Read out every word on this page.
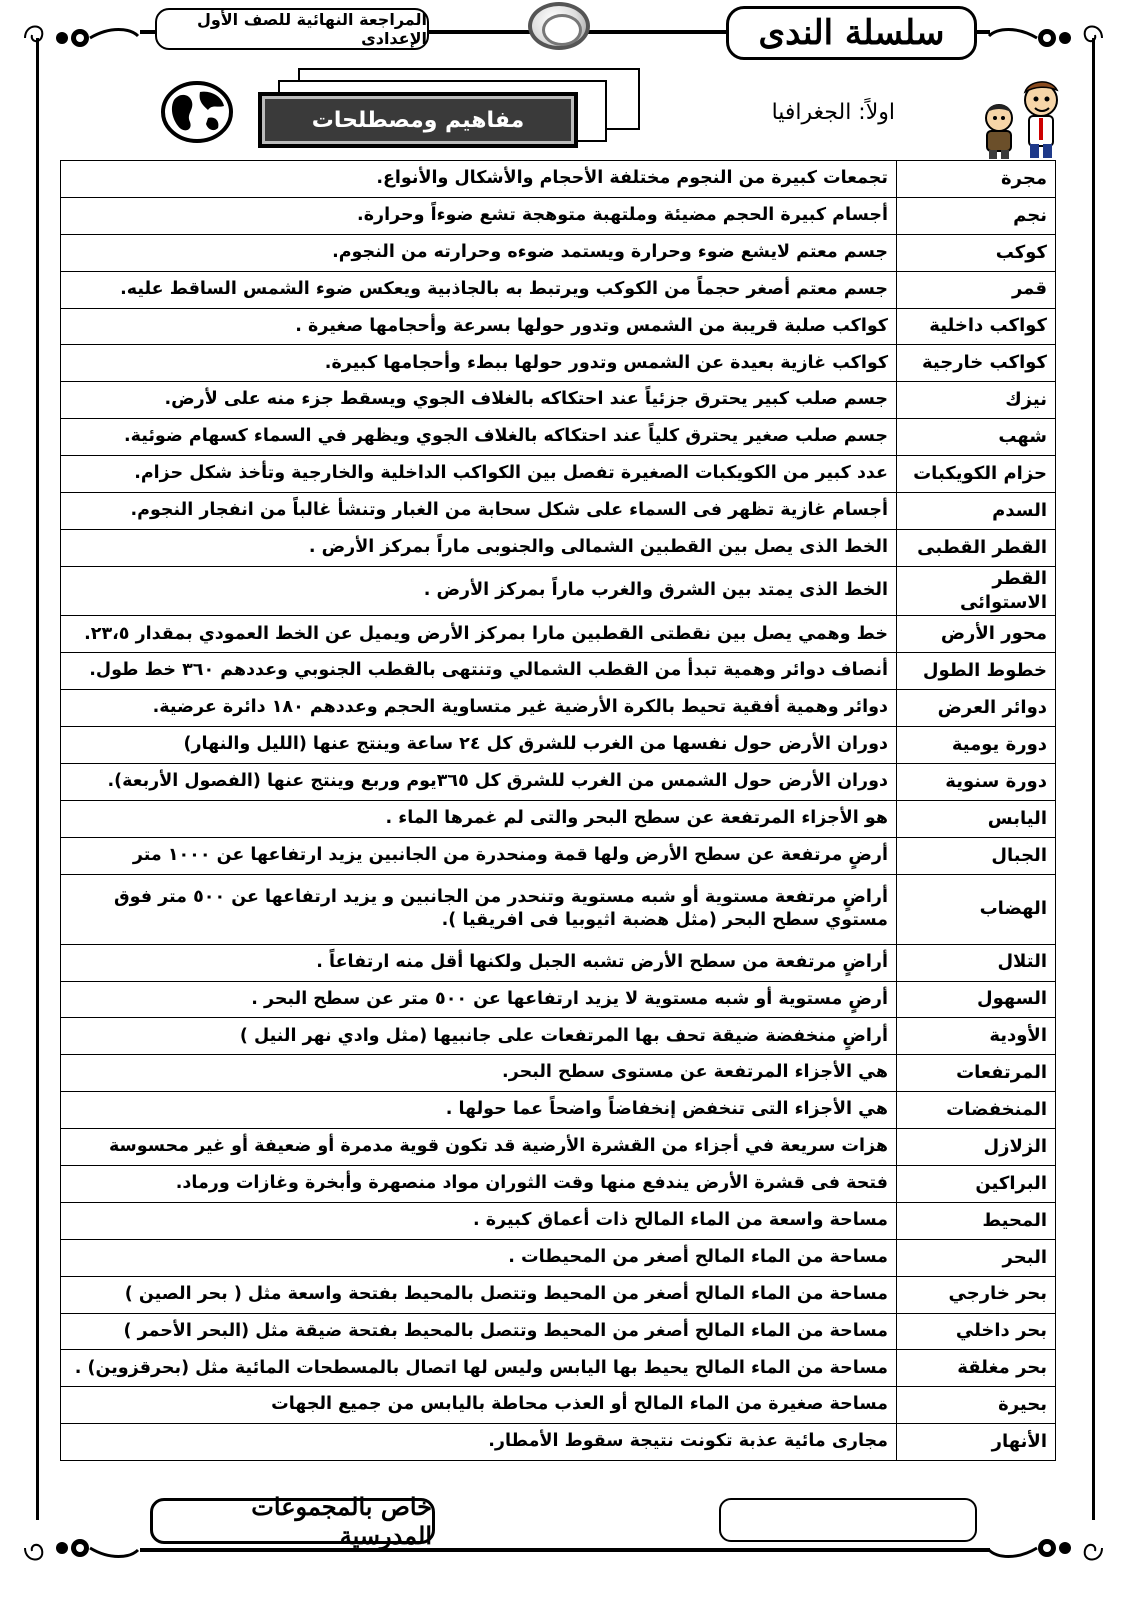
سلسلة الندى
المراجعة النهائية للصف الأول الإعدادى
مفاهيم ومصطلحات	اولاً: الجغرافيا
مجرة	تجمعات كبيرة من النجوم مختلفة الأحجام والأشكال والأنواع.
نجم	أجسام كبيرة الحجم مضيئة وملتهبة متوهجة تشع ضوءاً وحرارة.
كوكب	جسم معتم لايشع ضوء وحرارة ويستمد ضوءه وحرارته من النجوم.
قمر	جسم معتم أصغر حجماً من الكوكب ويرتبط به بالجاذبية ويعكس ضوء الشمس الساقط عليه.
كواكب داخلية	كواكب صلبة قريبة من الشمس وتدور حولها بسرعة وأحجامها صغيرة .
كواكب خارجية	كواكب غازية بعيدة عن الشمس وتدور حولها ببطء وأحجامها كبيرة.
نيزك	جسم صلب كبير يحترق جزئياً عند احتكاكه بالغلاف الجوي ويسقط جزء منه على لأرض.
شهب	جسم صلب صغير يحترق كلياً عند احتكاكه بالغلاف الجوي ويظهر في السماء كسهام ضوئية.
حزام الكويكبات	عدد كبير من الكويكبات الصغيرة تفصل بين الكواكب الداخلية والخارجية وتأخذ شكل حزام.
السدم	أجسام غازية تظهر فى السماء على شكل سحابة من الغبار وتنشأ غالباً من انفجار النجوم.
القطر القطبى	الخط الذى يصل بين القطبين الشمالى والجنوبى ماراً بمركز الأرض .
القطر الاستوائى	الخط الذى يمتد بين الشرق والغرب ماراً بمركز الأرض .
محور الأرض	خط وهمي يصل بين نقطتى القطبين مارا بمركز الأرض ويميل عن الخط العمودي بمقدار ٢٣،٥.
خطوط الطول	أنصاف دوائر وهمية تبدأ من القطب الشمالي وتنتهى بالقطب الجنوبي وعددهم ٣٦٠ خط طول.
دوائر العرض	دوائر وهمية أفقية تحيط بالكرة الأرضية غير متساوية الحجم وعددهم ١٨٠ دائرة عرضية.
دورة يومية	دوران الأرض حول نفسها من الغرب للشرق كل ٢٤ ساعة وينتج عنها (الليل والنهار)
دورة سنوية	دوران الأرض حول الشمس من الغرب للشرق كل ٣٦٥يوم وربع وينتج عنها (الفصول الأربعة).
اليابس	هو الأجزاء المرتفعة عن سطح البحر والتى لم غمرها الماء .
الجبال	أرضٍ مرتفعة عن سطح الأرض ولها قمة ومنحدرة من الجانبين يزيد ارتفاعها عن ١٠٠٠ متر
الهضاب	أراضٍ مرتفعة مستوية أو شبه مستوية وتنحدر من الجانبين و يزيد ارتفاعها عن ٥٠٠ متر فوق مستوي سطح البحر (مثل هضبة اثيوبيا فى افريقيا ).
التلال	أراضٍ مرتفعة من سطح الأرض تشبه الجبل ولكنها أقل منه ارتفاعاً .
السهول	أرضٍ مستوية أو شبه مستوية لا يزيد ارتفاعها عن ٥٠٠ متر عن سطح البحر .
الأودية	أراضٍ منخفضة ضيقة تحف بها المرتفعات على جانبيها (مثل وادي نهر النيل )
المرتفعات	هي الأجزاء المرتفعة عن مستوى سطح البحر.
المنخفضات	هي الأجزاء التى تنخفض إنخفاضاً واضحاً عما حولها .
الزلازل	هزات سريعة في أجزاء من القشرة الأرضية قد تكون قوية مدمرة أو ضعيفة أو غير محسوسة
البراكين	فتحة فى قشرة الأرض يندفع منها وقت الثوران مواد منصهرة وأبخرة وغازات ورماد.
المحيط	مساحة واسعة من الماء المالح ذات أعماق كبيرة .
البحر	مساحة من الماء المالح أصغر من المحيطات .
بحر خارجي	مساحة من الماء المالح أصغر من المحيط وتتصل بالمحيط بفتحة واسعة مثل ( بحر الصين )
بحر داخلي	مساحة من الماء المالح أصغر من المحيط وتتصل بالمحيط بفتحة ضيقة مثل (البحر الأحمر )
بحر مغلقة	مساحة من الماء المالح يحيط بها اليابس وليس لها اتصال بالمسطحات المائية مثل (بحرقزوين) .
بحيرة	مساحة صغيرة من الماء المالح أو العذب محاطة باليابس من جميع الجهات
الأنهار	مجارى مائية عذبة تكونت نتيجة سقوط الأمطار.
خاص بالمجموعات المدرسية
